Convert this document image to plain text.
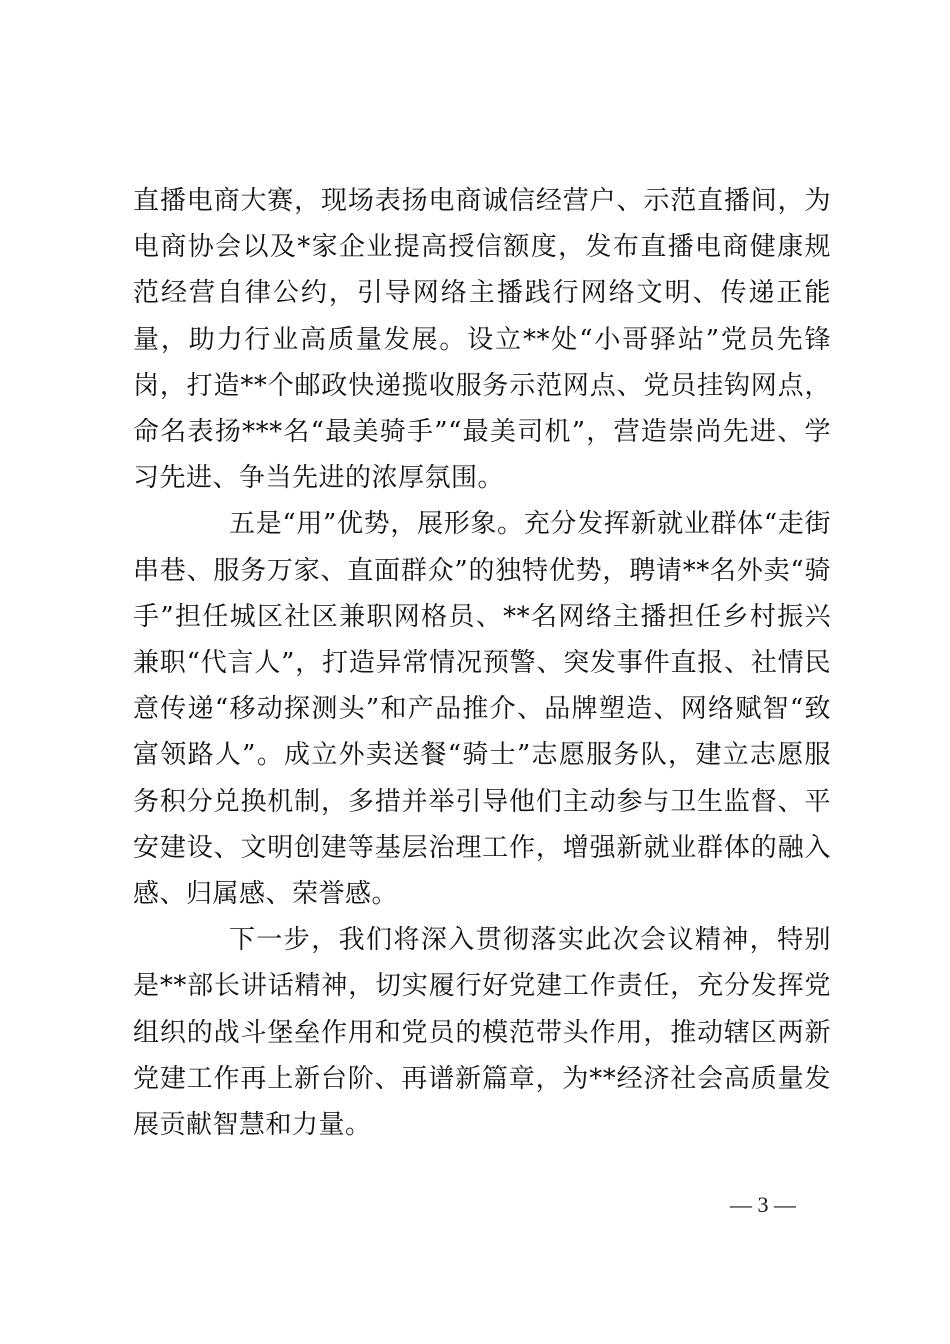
直播电商大赛，现场表扬电商诚信经营户、示范直播间，为电商协会以及*家企业提高授信额度，发布直播电商健康规范经营自律公约，引导网络主播践行网络文明、传递正能量，助力行业高质量发展。设立**处“小哥驿站”党员先锋岗，打造**个邮政快递揽收服务示范网点、党员挂钩网点，命名表扬***名“最美骑手”“最美司机”，营造崇尚先进、学习先进、争当先进的浓厚氛围。

五是“用”优势，展形象。充分发挥新就业群体“走街串巷、服务万家、直面群众”的独特优势，聘请**名外卖“骑手”担任城区社区兼职网格员、**名网络主播担任乡村振兴兼职“代言人”，打造异常情况预警、突发事件直报、社情民意传递“移动探测头”和产品推介、品牌塑造、网络赋智“致富领路人”。成立外卖送餐“骑士”志愿服务队，建立志愿服务积分兑换机制，多措并举引导他们主动参与卫生监督、平安建设、文明创建等基层治理工作，增强新就业群体的融入感、归属感、荣誉感。

下一步，我们将深入贯彻落实此次会议精神，特别是**部长讲话精神，切实履行好党建工作责任，充分发挥党组织的战斗堡垒作用和党员的模范带头作用，推动辖区两新党建工作再上新台阶、再谱新篇章，为**经济社会高质量发展贡献智慧和力量。

— 3 —
